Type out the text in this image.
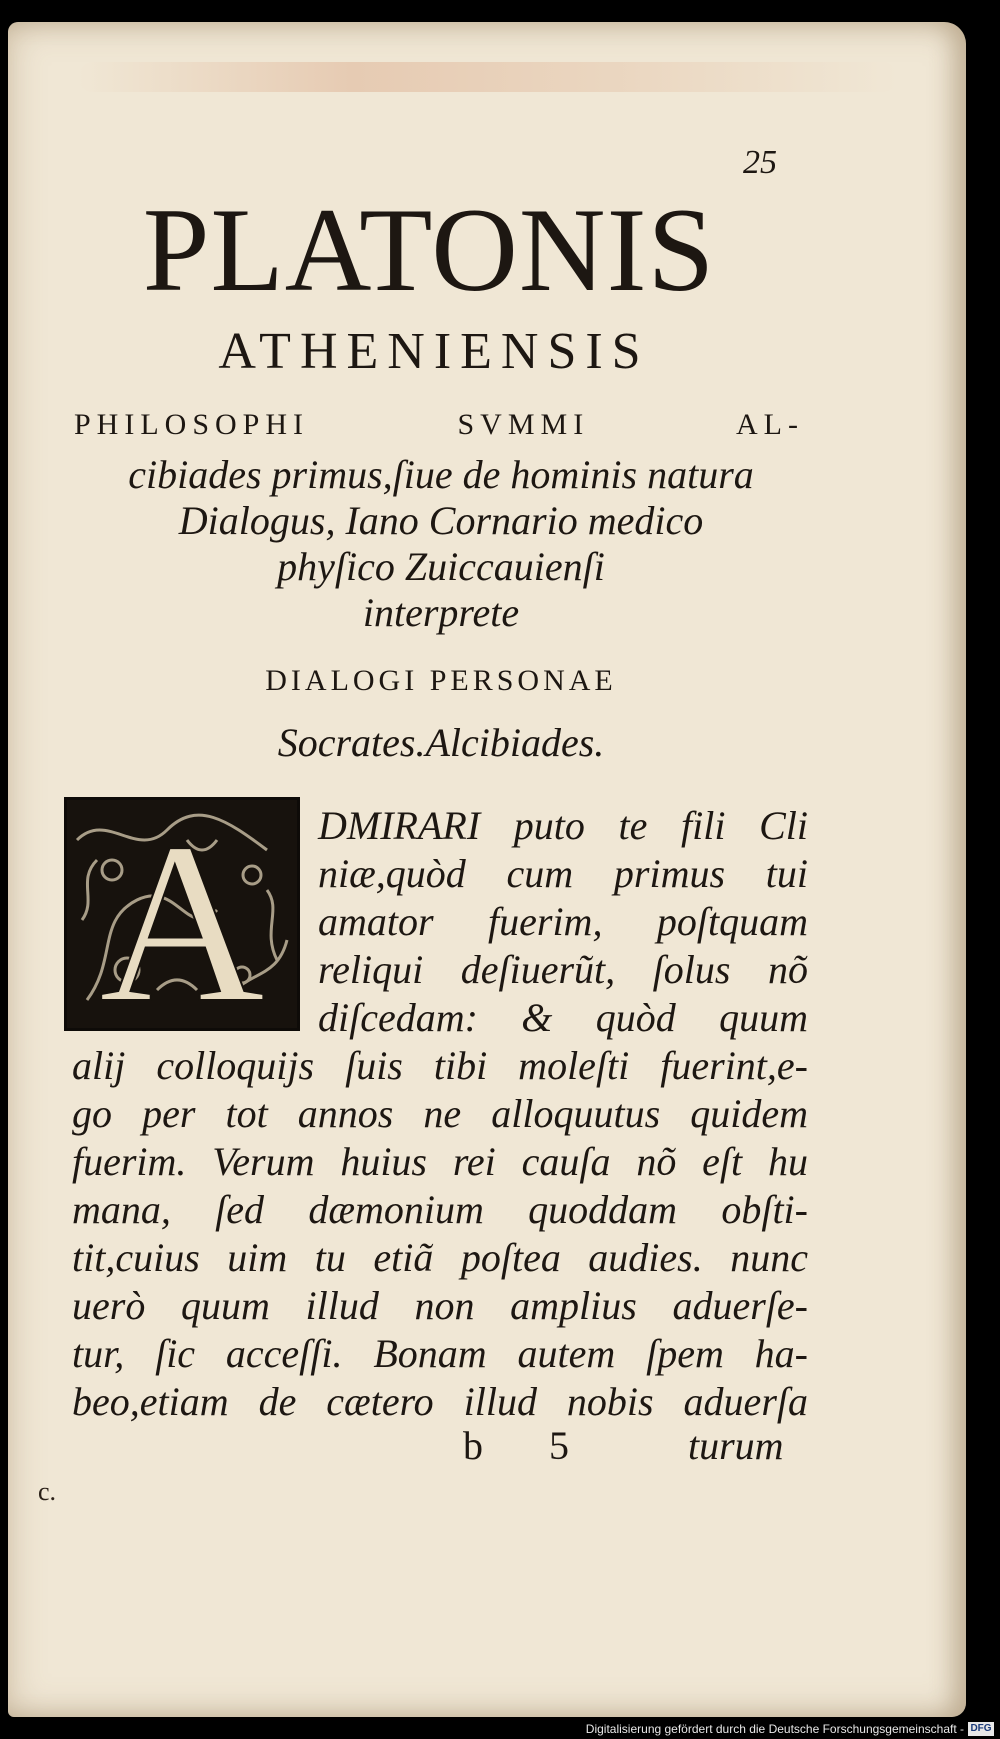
25

PLATONIS

ATHENIENSIS

PHILOSOPHI SVMMI AL-

cibiades primus,ſiue de hominis natura

Dialogus, Iano Cornario medico

phyſico Zuiccauienſi

interprete

DIALOGI PERSONAE

Socrates.Alcibiades.

A DMIRARI puto te fili Cli
niæ,quòd cum primus tui
amator fuerim, poſtquam
reliqui deſiuerũt, ſolus nõ
diſcedam: & quòd quum
alij colloquijs ſuis tibi moleſti fuerint,e-
go per tot annos ne alloquutus quidem
fuerim. Verum huius rei cauſa nõ eſt hu
mana, ſed dæmonium quoddam obſti-
tit,cuius uim tu etiã poſtea audies. nunc
uerò quum illud non amplius aduerſe-
tur, ſic acceſſi. Bonam autem ſpem ha-
beo,etiam de cætero illud nobis aduerſa
b 5 turum
c.
Digitalisierung gefördert durch die Deutsche Forschungsgemeinschaft - DFG
